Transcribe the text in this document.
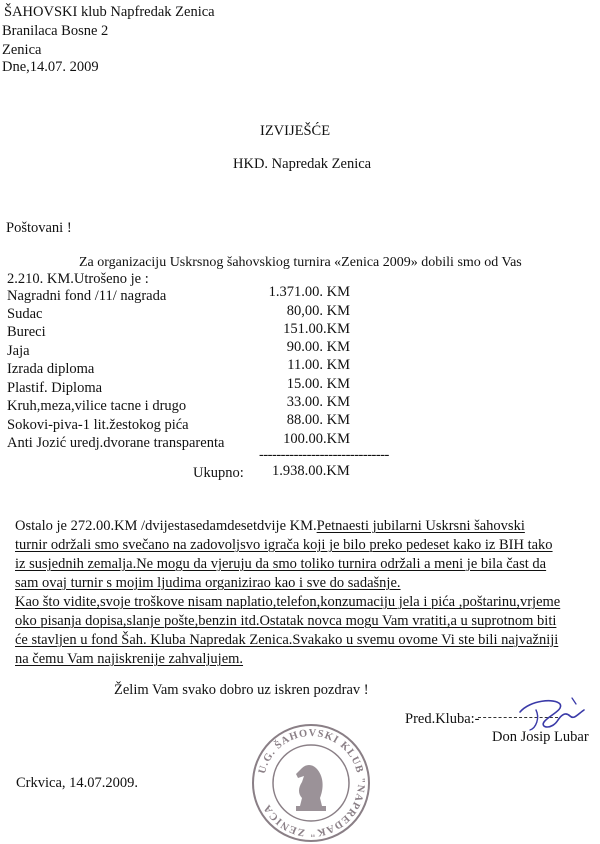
ŠAHOVSKI klub Napfredak Zenica
Branilaca Bosne 2
Zenica
Dne,14.07. 2009
IZVIJEŠĆE
HKD. Napredak Zenica
Poštovani !
Za organizaciju Uskrsnog šahovskiog turnira «Zenica 2009» dobili smo od Vas
2.210. KM.Utrošeno je :
Nagradni fond /11/ nagrada	1.371.00. KM
Sudac	80,00. KM
Bureci	151.00.KM
Jaja	90.00. KM
Izrada diploma	11.00. KM
Plastif. Diploma	15.00. KM
Kruh,meza,vilice tacne i drugo	33.00. KM
Sokovi-piva-1 lit.žestokog pića	88.00. KM
Anti Jozić uredj.dvorane transparenta	100.00.KM
------------------------------
Ukupno: 1.938.00.KM
Ostalo je 272.00.KM /dvijestasedamdesetdvije KM.Petnaesti jubilarni Uskrsni šahovski
turnir održali smo svečano na zadovoljsvo igrača koji je bilo preko pedeset kako iz BIH tako
iz susjednih zemalja.Ne mogu da vjeruju da smo toliko turnira održali a meni je bila čast da
sam ovaj turnir s mojim ljudima organizirao kao i sve do sadašnje.
Kao što vidite,svoje troškove nisam naplatio,telefon,konzumaciju jela i pića ,poštarinu,vrjeme
oko pisanja dopisa,slanje pošte,benzin itd.Ostatak novca mogu Vam vratiti,a u suprotnom biti
će stavljen u fond Šah. Kluba Napredak Zenica.Svakako u svemu ovome Vi ste bili najvažniji
na čemu Vam najiskrenije zahvaljujem.
Želim Vam svako dobro uz iskren pozdrav !
Pred.Kluba:-
Don Josip Lubar
U.G. ŠAHOVSKI KLUB "NAPREDAK" ZENICA
Crkvica, 14.07.2009.
